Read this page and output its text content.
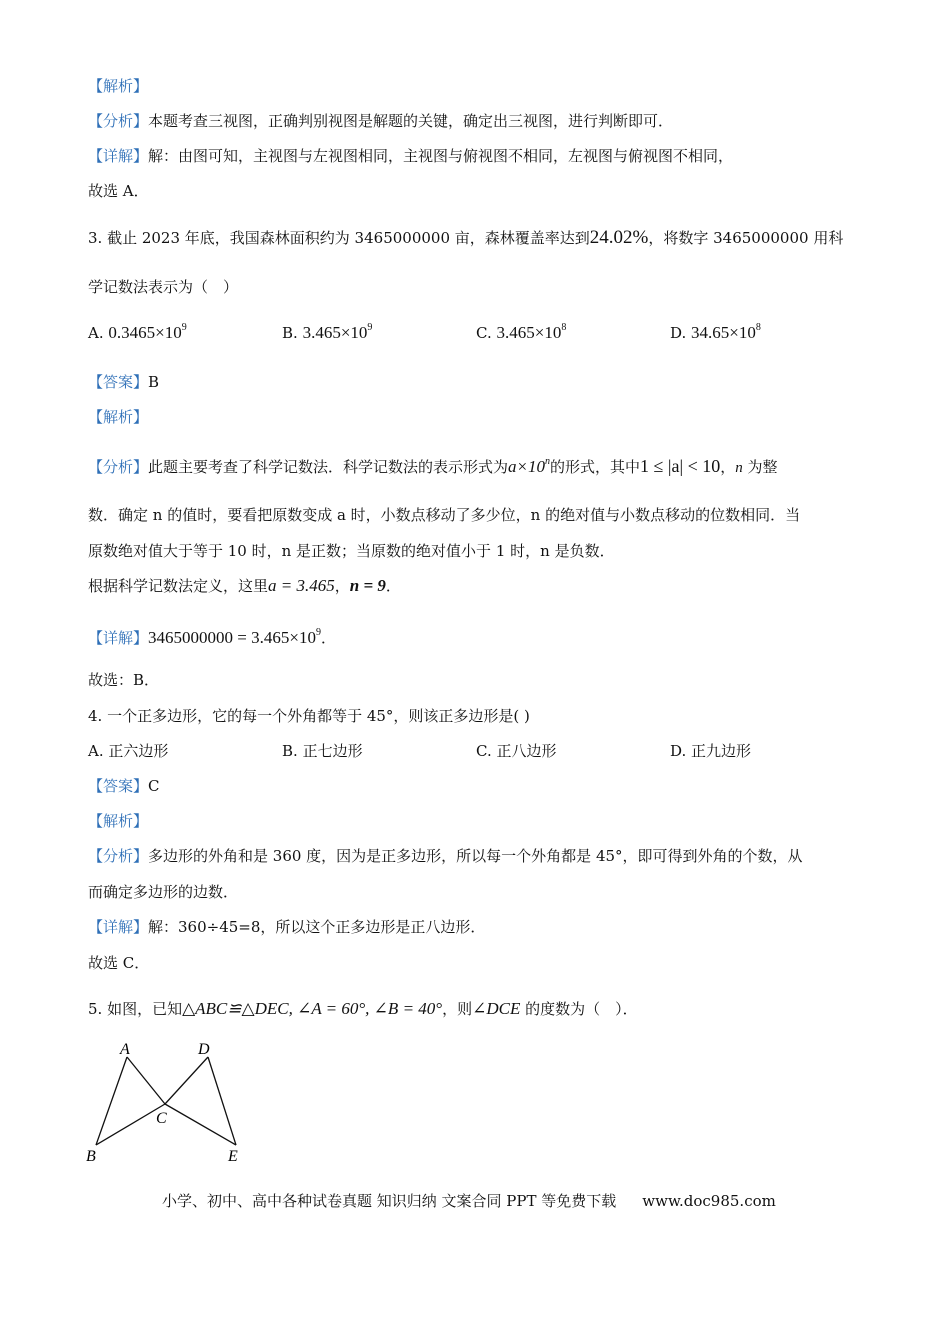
【解析】
【分析】本题考查三视图，正确判别视图是解题的关键，确定出三视图，进行判断即可．
【详解】解：由图可知，主视图与左视图相同，主视图与俯视图不相同，左视图与俯视图不相同，
故选 A．
3. 截止 2023 年底，我国森林面积约为 3465000000 亩，森林覆盖率达到24.02%，将数字 3465000000 用科
学记数法表示为（　）
A. $0.3465\times 10^9$	B. $3.465\times 10^9$	C. $3.465\times 10^8$	D. $34.65\times 10^8$
【答案】B
【解析】
【分析】此题主要考查了科学记数法．科学记数法的表示形式为$a\times 10^n$的形式，其中1 ≤ |a| < 10，n 为整
数．确定 n 的值时，要看把原数变成 a 时，小数点移动了多少位，n 的绝对值与小数点移动的位数相同．当
原数绝对值大于等于 10 时，n 是正数；当原数的绝对值小于 1 时，n 是负数．
根据科学记数法定义，这里a = 3.465，n = 9．
【详解】$3465000000 = 3.465\times 10^9$．
故选：B．
4. 一个正多边形，它的每一个外角都等于 45°，则该正多边形是( )
A. 正六边形	B. 正七边形	C. 正八边形	D. 正九边形
【答案】C
【解析】
【分析】多边形的外角和是 360 度，因为是正多边形，所以每一个外角都是 45°，即可得到外角的个数，从
而确定多边形的边数．
【详解】解：360÷45=8，所以这个正多边形是正八边形．
故选 C．
5. 如图，已知△ABC≌△DEC, ∠A = 60°, ∠B = 40°，则∠DCE 的度数为（　）．
A	D
C
B	E
小学、初中、高中各种试卷真题 知识归纳 文案合同 PPT 等免费下载 www.doc985.com
